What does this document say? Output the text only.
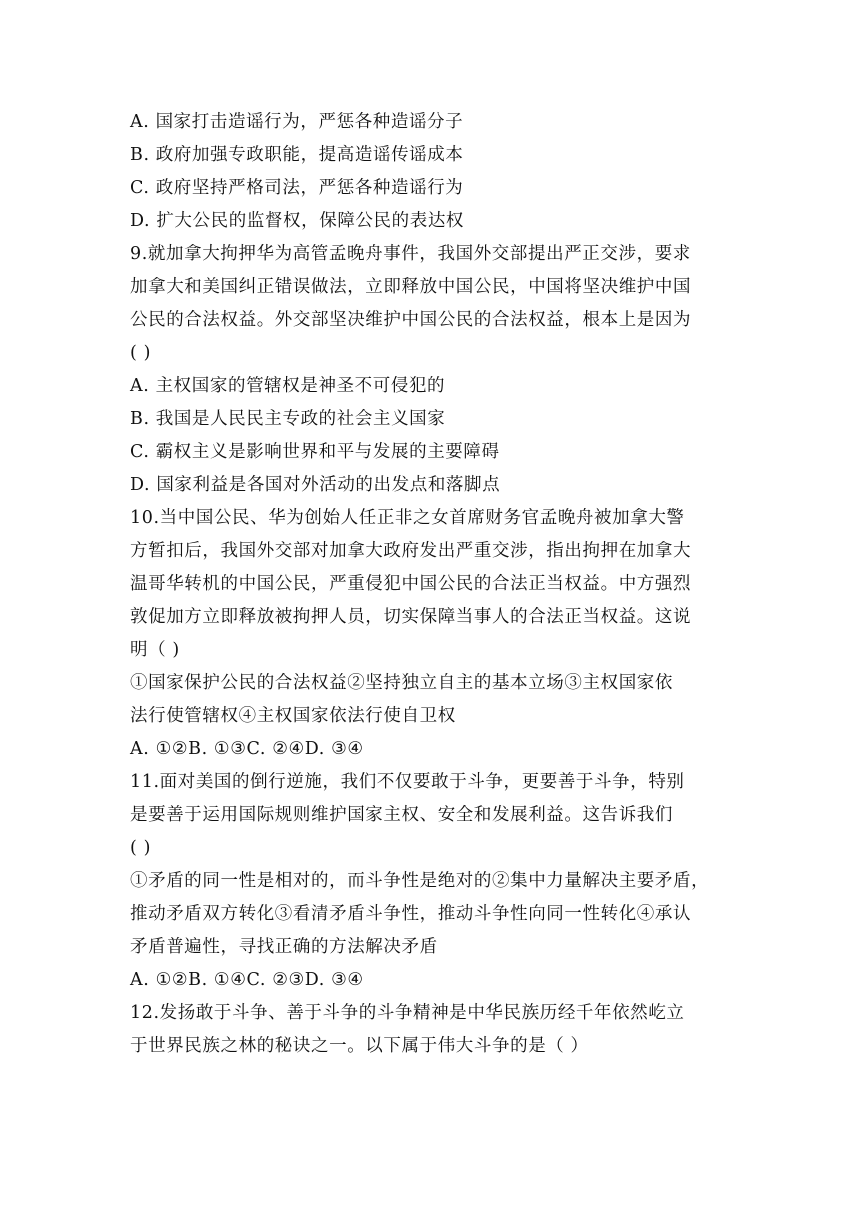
A. 国家打击造谣行为，严惩各种造谣分子
B. 政府加强专政职能，提高造谣传谣成本
C. 政府坚持严格司法，严惩各种造谣行为
D. 扩大公民的监督权，保障公民的表达权
9.就加拿大拘押华为高管孟晚舟事件，我国外交部提出严正交涉，要求
加拿大和美国纠正错误做法，立即释放中国公民，中国将坚决维护中国
公民的合法权益。外交部坚决维护中国公民的合法权益，根本上是因为
( )
A. 主权国家的管辖权是神圣不可侵犯的
B. 我国是人民民主专政的社会主义国家
C. 霸权主义是影响世界和平与发展的主要障碍
D. 国家利益是各国对外活动的出发点和落脚点
10.当中国公民、华为创始人任正非之女首席财务官孟晚舟被加拿大警
方暂扣后，我国外交部对加拿大政府发出严重交涉，指出拘押在加拿大
温哥华转机的中国公民，严重侵犯中国公民的合法正当权益。中方强烈
敦促加方立即释放被拘押人员，切实保障当事人的合法正当权益。这说
明（ )
①国家保护公民的合法权益②坚持独立自主的基本立场③主权国家依
法行使管辖权④主权国家依法行使自卫权
A. ①②B. ①③C. ②④D. ③④
11.面对美国的倒行逆施，我们不仅要敢于斗争，更要善于斗争，特别
是要善于运用国际规则维护国家主权、安全和发展利益。这告诉我们
( )
①矛盾的同一性是相对的，而斗争性是绝对的②集中力量解决主要矛盾，
推动矛盾双方转化③看清矛盾斗争性，推动斗争性向同一性转化④承认
矛盾普遍性，寻找正确的方法解决矛盾
A. ①②B. ①④C. ②③D. ③④
12.发扬敢于斗争、善于斗争的斗争精神是中华民族历经千年依然屹立
于世界民族之林的秘诀之一。以下属于伟大斗争的是（ ）
